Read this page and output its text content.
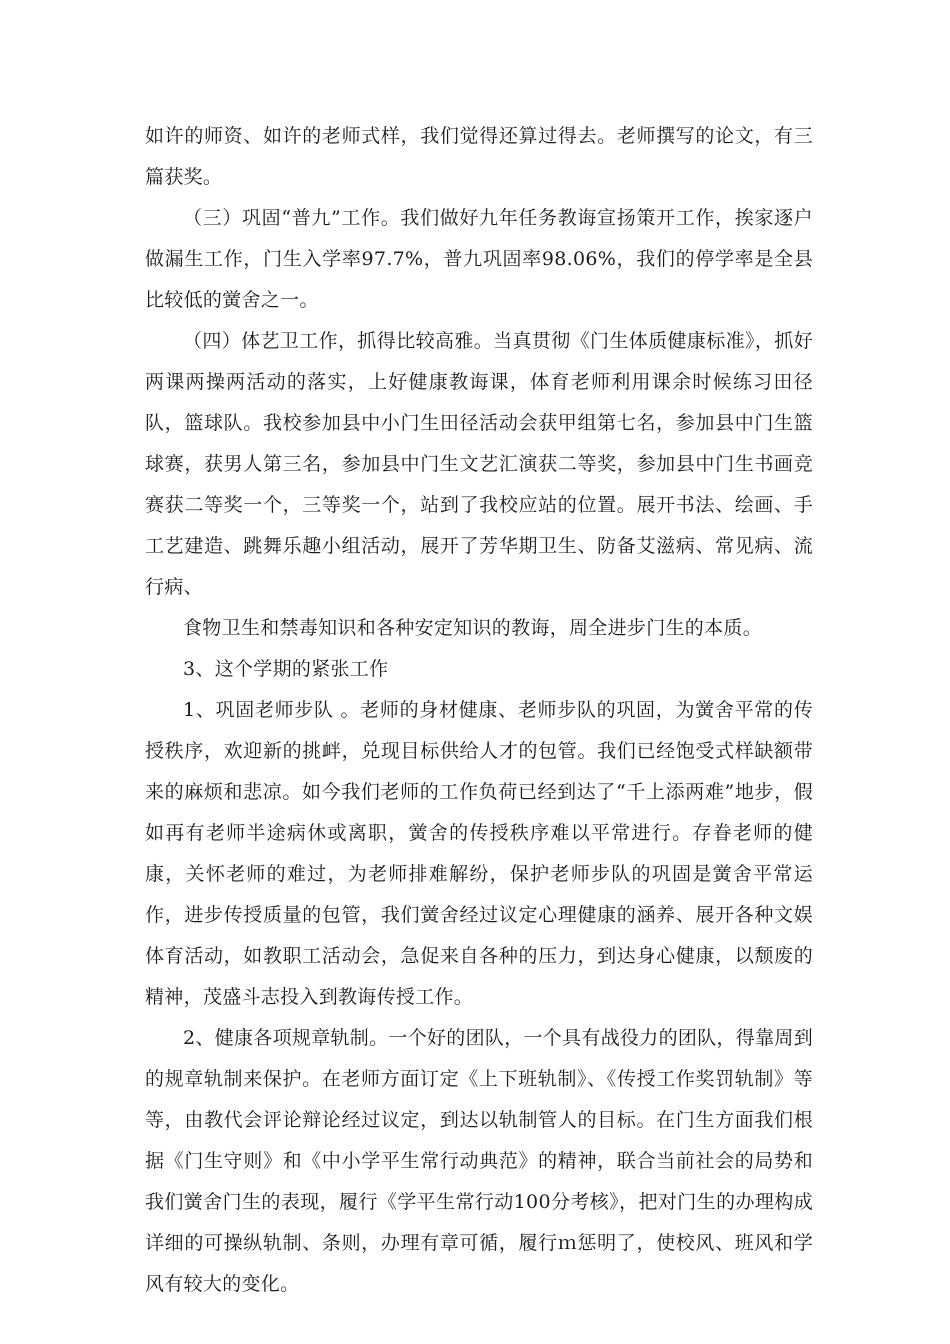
如许的师资、如许的老师式样，我们觉得还算过得去。老师撰写的论文，有三篇获奖。

（三）巩固“普九”工作。我们做好九年任务教诲宣扬策开工作，挨家逐户做漏生工作，门生入学率97.7%，普九巩固率98.06%，我们的停学率是全县比较低的黉舍之一。

（四）体艺卫工作，抓得比较高雅。当真贯彻《门生体质健康标准》，抓好两课两操两活动的落实，上好健康教诲课，体育老师利用课余时候练习田径队，篮球队。我校参加县中小门生田径活动会获甲组第七名，参加县中门生篮球赛，获男人第三名，参加县中门生文艺汇演获二等奖，参加县中门生书画竞赛获二等奖一个，三等奖一个，站到了我校应站的位置。展开书法、绘画、手工艺建造、跳舞乐趣小组活动，展开了芳华期卫生、防备艾滋病、常见病、流行病、

食物卫生和禁毒知识和各种安定知识的教诲，周全进步门生的本质。

3、这个学期的紧张工作

1、巩固老师步队 。老师的身材健康、老师步队的巩固，为黉舍平常的传授秩序，欢迎新的挑衅，兑现目标供给人才的包管。我们已经饱受式样缺额带来的麻烦和悲凉。如今我们老师的工作负荷已经到达了“千上添两难”地步，假如再有老师半途病休或离职，黉舍的传授秩序难以平常进行。存眷老师的健康，关怀老师的难过，为老师排难解纷，保护老师步队的巩固是黉舍平常运作，进步传授质量的包管，我们黉舍经过议定心理健康的涵养、展开各种文娱体育活动，如教职工活动会，急促来自各种的压力，到达身心健康，以颓废的精神，茂盛斗志投入到教诲传授工作。

2、健康各项规章轨制。一个好的团队，一个具有战役力的团队，得靠周到的规章轨制来保护。在老师方面订定《上下班轨制》、《传授工作奖罚轨制》等等，由教代会评论辩论经过议定，到达以轨制管人的目标。在门生方面我们根据《门生守则》和《中小学平生常行动典范》的精神，联合当前社会的局势和我们黉舍门生的表现，履行《学平生常行动100分考核》，把对门生的办理构成详细的可操纵轨制、条则，办理有章可循，履行ｍ惩明了，使校风、班风和学风有较大的变化。
